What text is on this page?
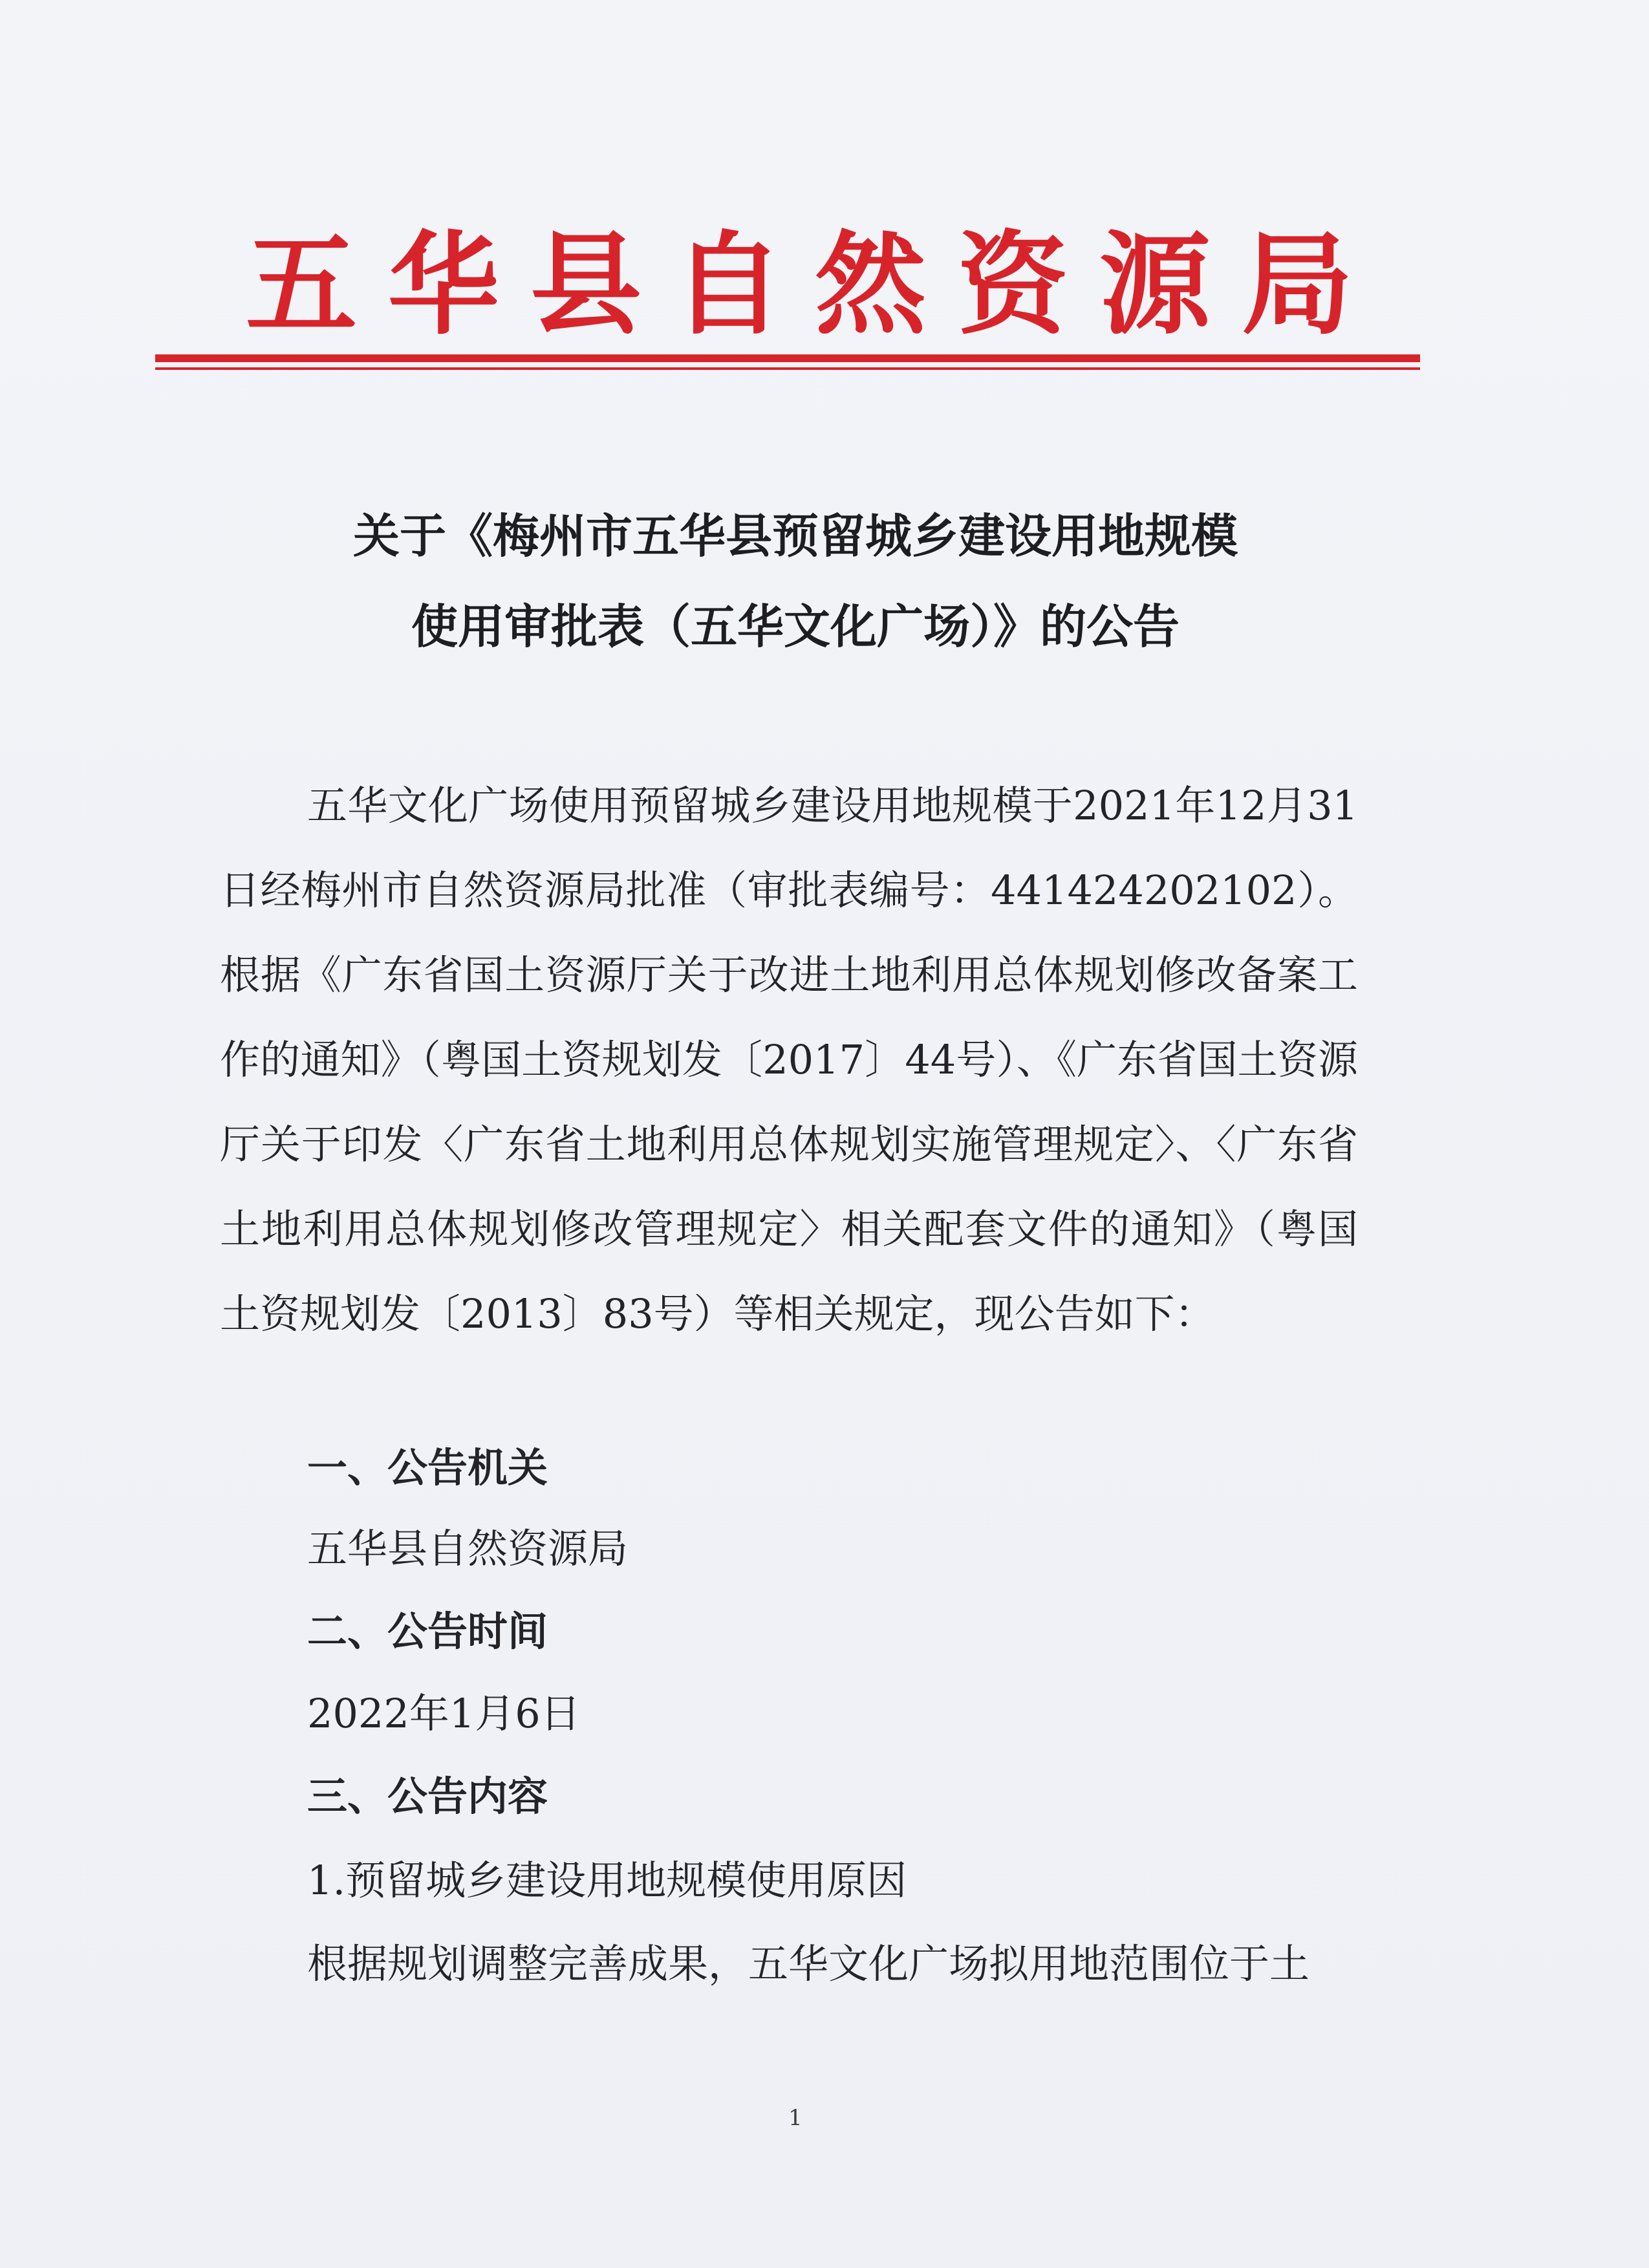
五华县自然资源局
关于《梅州市五华县预留城乡建设用地规模
使用审批表（五华文化广场）》的公告

五华文化广场使用预留城乡建设用地规模于2021年12月31日经梅州市自然资源局批准（审批表编号：441424202102）。根据《广东省国土资源厅关于改进土地利用总体规划修改备案工作的通知》（粤国土资规划发〔2017〕44号）、《广东省国土资源厅关于印发〈广东省土地利用总体规划实施管理规定〉、〈广东省土地利用总体规划修改管理规定〉相关配套文件的通知》（粤国土资规划发〔2013〕83号）等相关规定，现公告如下：

一、公告机关
五华县自然资源局
二、公告时间
2022年1月6日
三、公告内容
1.预留城乡建设用地规模使用原因
根据规划调整完善成果，五华文化广场拟用地范围位于土
1
